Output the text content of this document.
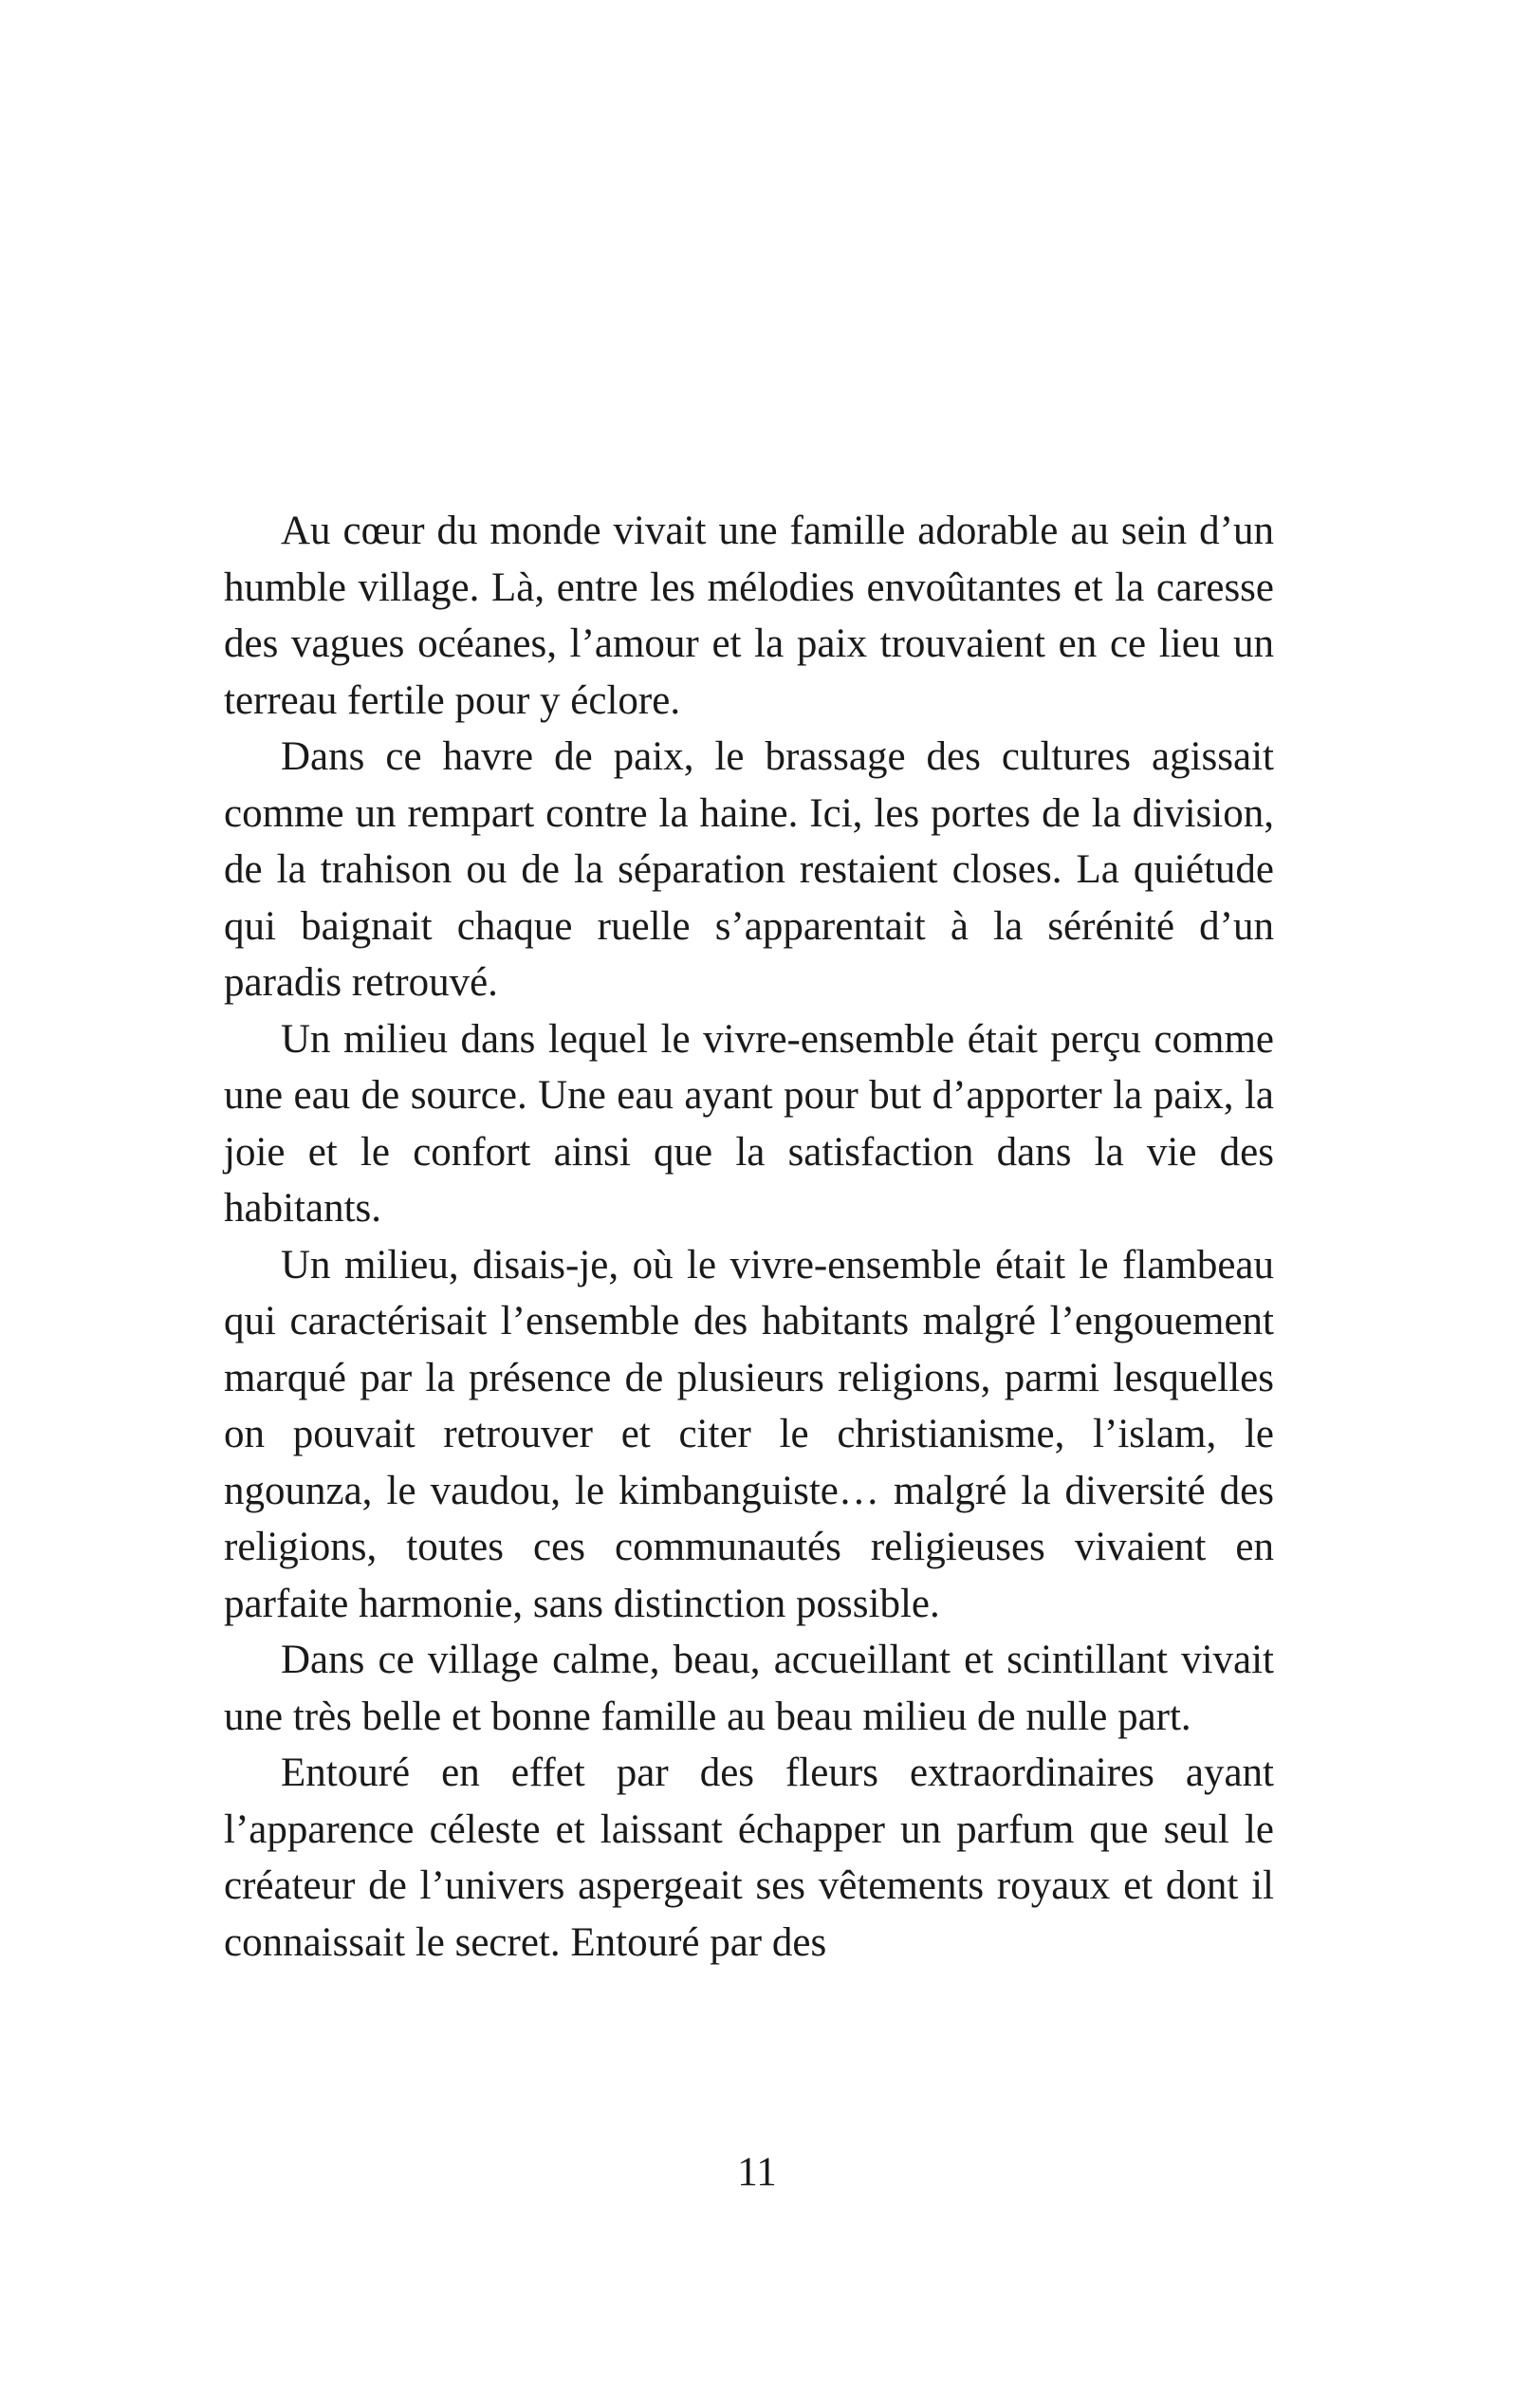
Au cœur du monde vivait une famille adorable au sein d’un humble village. Là, entre les mélodies envoûtantes et la caresse des vagues océanes, l’amour et la paix trouvaient en ce lieu un terreau fertile pour y éclore.

Dans ce havre de paix, le brassage des cultures agissait comme un rempart contre la haine. Ici, les portes de la division, de la trahison ou de la séparation restaient closes. La quiétude qui baignait chaque ruelle s’apparentait à la sérénité d’un paradis retrouvé.

Un milieu dans lequel le vivre-ensemble était perçu comme une eau de source. Une eau ayant pour but d’apporter la paix, la joie et le confort ainsi que la satisfaction dans la vie des habitants.

Un milieu, disais-je, où le vivre-ensemble était le flambeau qui caractérisait l’ensemble des habitants malgré l’engouement marqué par la présence de plusieurs religions, parmi lesquelles on pouvait retrouver et citer le christianisme, l’islam, le ngounza, le vaudou, le kimbanguiste… malgré la diversité des religions, toutes ces communautés religieuses vivaient en parfaite harmonie, sans distinction possible.

Dans ce village calme, beau, accueillant et scintillant vivait une très belle et bonne famille au beau milieu de nulle part.

Entouré en effet par des fleurs extraordinaires ayant l’apparence céleste et laissant échapper un parfum que seul le créateur de l’univers aspergeait ses vêtements royaux et dont il connaissait le secret. Entouré par des

11
